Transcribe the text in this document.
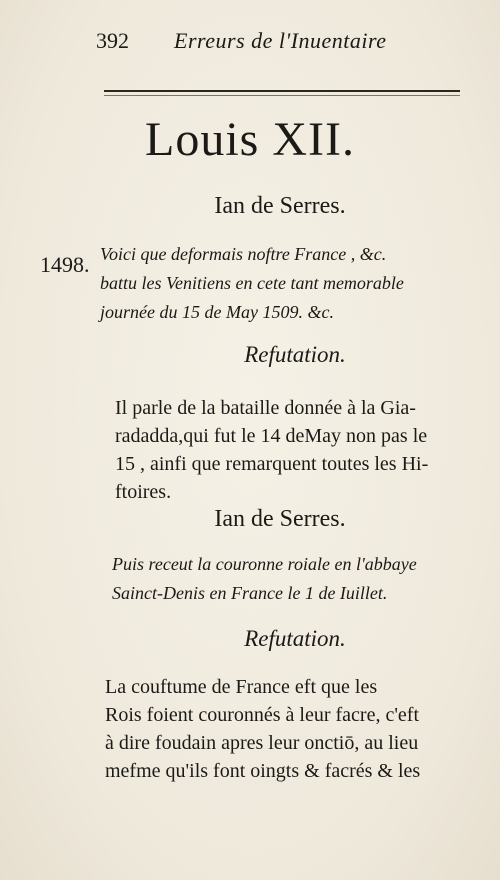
392 Erreurs de l'Inuentaire
Louis XII.
Ian de Serres.
1498. Voici que deformais noftre France , &c.
battu les Venitiens en cete tant memorable
journée du 15 de May 1509. &c.
Refutation.
Il parle de la bataille donnée à la Gia-
radadda,qui fut le 14 deMay non pas le
15 , ainfi que remarquent toutes les Hi-
ftoires.
Ian de Serres.
Puis receut la couronne roiale en l'abbaye
Sainct-Denis en France le 1 de Iuillet.
Refutation.
La couftume de France eft que les
Rois foient couronnés à leur facre, c'eft
à dire foudain apres leur onctiō, au lieu
mefme qu'ils font oingts & facrés & les
